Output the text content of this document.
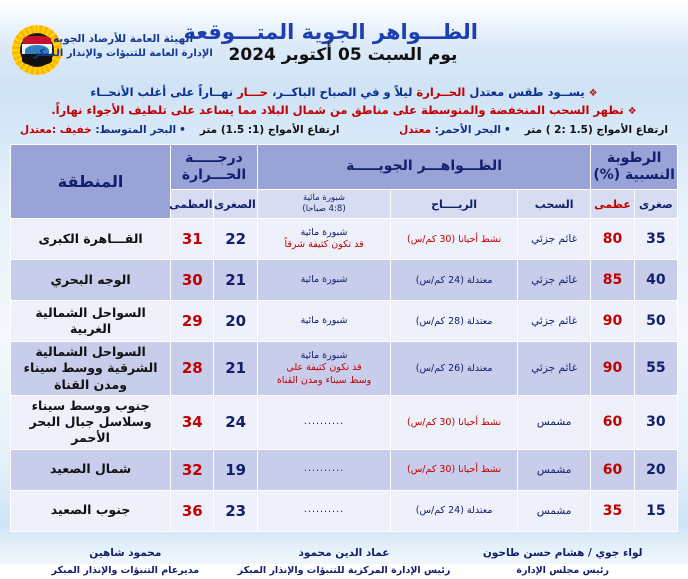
الظـــواهر الجوية المتـــوقعة
يوم السبت 05 أكتوبر 2024
الهيئة العامة للأرصاد الجوية
الإدارة العامة للتنبؤات والإنذار المبكر
❖ يســود طقس معتدل الحــرارة ليلاً و في الصباح الباكــر، حـــار نهــاراً على أغلب الأنحــاء
❖ تظهر السحب المنخفضة والمتوسطة على مناطق من شمال البلاد مما يساعد على تلطيف الأجواء نهاراً.
ارتفاع الأمواج (1.5 :2 ) متر
• البحر الأحمر: معتدل
ارتفاع الأمواج (1: 1.5) متر
• البحر المتوسط: خفيف :معتدل
الرطوبة
النسبية (%)
	الظـــواهـــر الجويـــــة	
درجـــــة
الحـــرارة
	المنطقة
صغرى	عظمى	السحب	الريــــاح	شبورة مائية
(4:8 صباحا)	الصغرى	العظمى	
35	80	غائم جزئي	نشط أحيانا (30 كم/س)	شبورة مائية
قد تكون كثيفة شرقاً	22	31	القـــاهرة الكبرى
40	85	غائم جزئي	معتدلة (24 كم/س)	شبورة مائية	21	30	الوجه البحري
50	90	غائم جزئي	معتدلة (28 كم/س)	شبورة مائية	20	29	السواحل الشمالية الغربية
55	90	غائم جزئي	معتدلة (26 كم/س)	شبورة مائية
قد تكون كثيفة علي
وسط سيناء ومدن القناة	21	28	السواحل الشمالية الشرقية ووسط سيناء ومدن القناة
30	60	مشمس	نشط أحيانا (30 كم/س)	..........	24	34	جنوب ووسط سيناء وسلاسل جبال البحر الأحمر
20	60	مشمس	نشط أحيانا (30 كم/س)	..........	19	32	شمال الصعيد
15	35	مشمس	معتدلة (24 كم/س)	..........	23	36	جنوب الصعيد
لواء جوي / هشام حسن طاحون
رئيس مجلس الإدارة
عماد الدين محمود
رئيس الإدارة المركزية للتنبؤات والإنذار المبكر
محمود شاهين
مديرعام التنبؤات والإنذار المبكر
